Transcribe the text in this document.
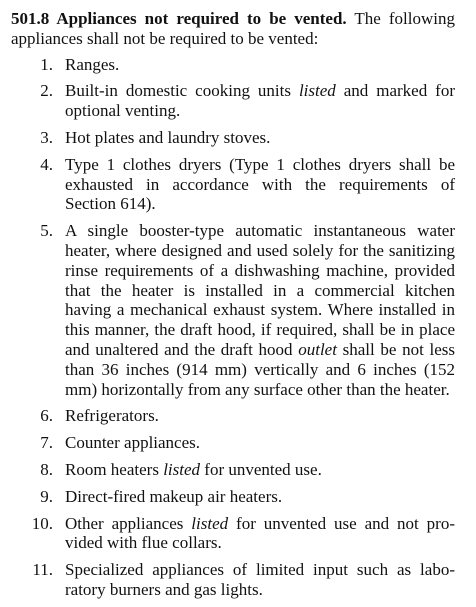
501.8 Appliances not required to be vented. The following appliances shall not be required to be vented:

1. Ranges.
2. Built-in domestic cooking units listed and marked for optional venting.
3. Hot plates and laundry stoves.
4. Type 1 clothes dryers (Type 1 clothes dryers shall be exhausted in accordance with the requirements of Section 614).
5. A single booster-type automatic instantaneous water heater, where designed and used solely for the sanitizing rinse requirements of a dishwashing machine, provided that the heater is installed in a commercial kitchen having a mechanical exhaust system. Where installed in this manner, the draft hood, if required, shall be in place and unaltered and the draft hood outlet shall be not less than 36 inches (914 mm) vertically and 6 inches (152 mm) horizontally from any surface other than the heater.
6. Refrigerators.
7. Counter appliances.
8. Room heaters listed for unvented use.
9. Direct-fired makeup air heaters.
10. Other appliances listed for unvented use and not provided with flue collars.
11. Specialized appliances of limited input such as laboratory burners and gas lights.
